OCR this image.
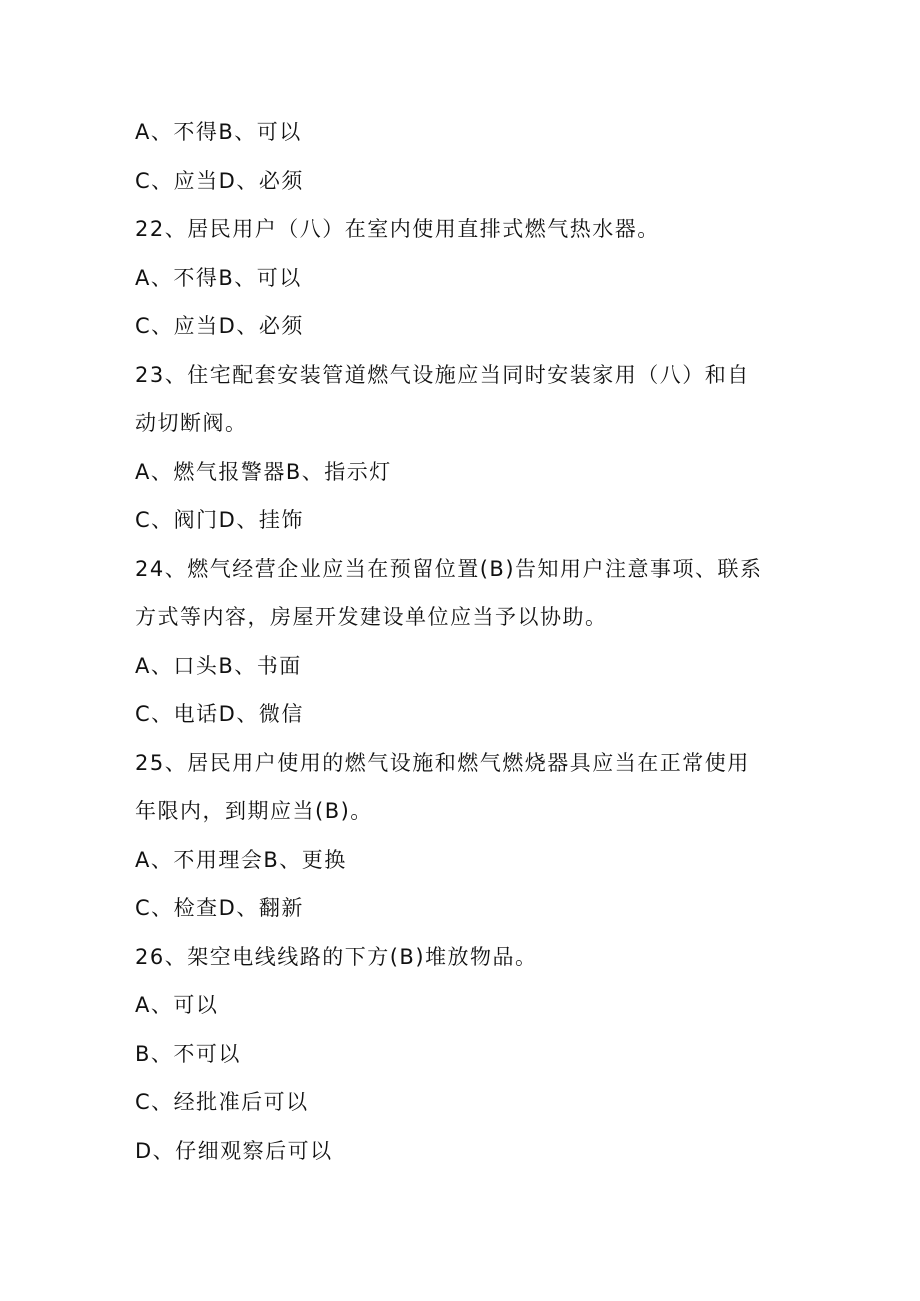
A、不得B、可以
C、应当D、必须
22、居民用户（八）在室内使用直排式燃气热水器。
A、不得B、可以
C、应当D、必须
23、住宅配套安装管道燃气设施应当同时安装家用（八）和自
动切断阀。
A、燃气报警器B、指示灯
C、阀门D、挂饰
24、燃气经营企业应当在预留位置(B)告知用户注意事项、联系
方式等内容，房屋开发建设单位应当予以协助。
A、口头B、书面
C、电话D、微信
25、居民用户使用的燃气设施和燃气燃烧器具应当在正常使用
年限内，到期应当(B)。
A、不用理会B、更换
C、检查D、翻新
26、架空电线线路的下方(B)堆放物品。
A、可以
B、不可以
C、经批准后可以
D、仔细观察后可以
